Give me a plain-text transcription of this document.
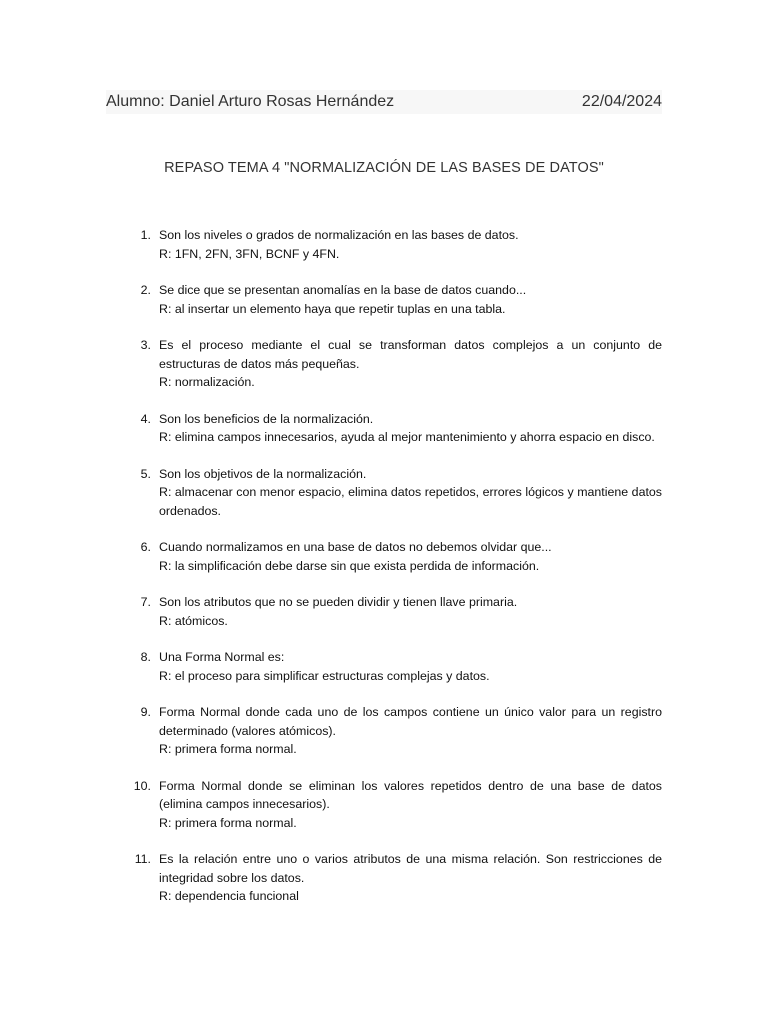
Alumno: Daniel Arturo Rosas Hernández	22/04/2024
REPASO TEMA 4 "NORMALIZACIÓN DE LAS BASES DE DATOS"
1. Son los niveles o grados de normalización en las bases de datos.
R: 1FN, 2FN, 3FN, BCNF y 4FN.
2. Se dice que se presentan anomalías en la base de datos cuando...
R: al insertar un elemento haya que repetir tuplas en una tabla.
3. Es el proceso mediante el cual se transforman datos complejos a un conjunto de estructuras de datos más pequeñas.
R: normalización.
4. Son los beneficios de la normalización.
R: elimina campos innecesarios, ayuda al mejor mantenimiento y ahorra espacio en disco.
5. Son los objetivos de la normalización.
R: almacenar con menor espacio, elimina datos repetidos, errores lógicos y mantiene datos ordenados.
6. Cuando normalizamos en una base de datos no debemos olvidar que...
R: la simplificación debe darse sin que exista perdida de información.
7. Son los atributos que no se pueden dividir y tienen llave primaria.
R: atómicos.
8. Una Forma Normal es:
R: el proceso para simplificar estructuras complejas y datos.
9. Forma Normal donde cada uno de los campos contiene un único valor para un registro determinado (valores atómicos).
R: primera forma normal.
10. Forma Normal donde se eliminan los valores repetidos dentro de una base de datos (elimina campos innecesarios).
R: primera forma normal.
11. Es la relación entre uno o varios atributos de una misma relación. Son restricciones de integridad sobre los datos.
R: dependencia funcional
